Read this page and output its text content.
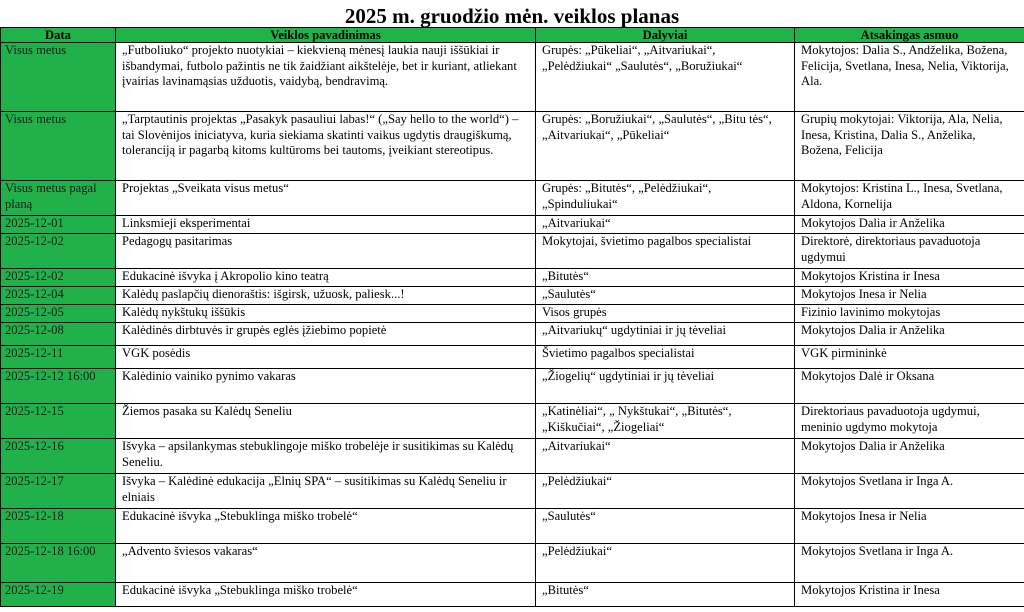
2025 m. gruodžio mėn. veiklos planas
Data	Veiklos pavadinimas	Dalyviai	Atsakingas asmuo
Visus metus	„Futboliuko“ projekto nuotykiai – kiekvieną mėnesį laukia nauji iššūkiai ir išbandymai, futbolo pažintis ne tik žaidžiant aikštelėje, bet ir kuriant, atliekant įvairias lavinamąsias užduotis, vaidybą, bendravimą.	Grupės: „Pūkeliai“, „Aitvariukai“, „Pelėdžiukai“ „Saulutės“, „Boružiukai“	Mokytojos: Dalia S., Andželika, Božena, Felicija, Svetlana, Inesa, Nelia, Viktorija, Ala.
Visus metus	„Tarptautinis projektas „Pasakyk pasauliui labas!“ („Say hello to the world“) – tai Slovėnijos iniciatyva, kuria siekiama skatinti vaikus ugdytis draugiškumą, toleranciją ir pagarbą kitoms kultūroms bei tautoms, įveikiant stereotipus.	Grupės: „Boružiukai“, „Saulutės“, „Bitu tės“, „Aitvariukai“, „Pūkeliai“	Grupių mokytojai: Viktorija, Ala, Nelia, Inesa, Kristina, Dalia S., Anželika, Božena, Felicija
Visus metus pagal planą	Projektas „Sveikata visus metus“	Grupės: „Bitutės“, „Pelėdžiukai“, „Spinduliukai“	Mokytojos: Kristina L., Inesa, Svetlana, Aldona, Kornelija
2025-12-01	Linksmieji eksperimentai	„Aitvariukai“	Mokytojos Dalia ir Anželika
2025-12-02	Pedagogų pasitarimas	Mokytojai, švietimo pagalbos specialistai	Direktorė, direktoriaus pavaduotoja ugdymui
2025-12-02	Edukacinė išvyka į Akropolio kino teatrą	„Bitutės“	Mokytojos Kristina ir Inesa
2025-12-04	Kalėdų paslapčių dienoraštis: išgirsk, užuosk, paliesk...!	„Saulutės“	Mokytojos Inesa ir Nelia
2025-12-05	Kalėdų nykštukų iššūkis	Visos grupės	Fizinio lavinimo mokytojas
2025-12-08	Kalėdinės dirbtuvės ir grupės eglės įžiebimo popietė	„Aitvariukų“ ugdytiniai ir jų tėveliai	Mokytojos Dalia ir Anželika
2025-12-11	VGK posėdis	Švietimo pagalbos specialistai	VGK pirmininkė
2025-12-12 16:00	Kalėdinio vainiko pynimo vakaras	„Žiogelių“ ugdytiniai ir jų tėveliai	Mokytojos Dalė ir Oksana
2025-12-15	Žiemos pasaka su Kalėdų Seneliu	„Katinėliai“, „ Nykštukai“, „Bitutės“, „Kiškučiai“, „Žiogeliai“	Direktoriaus pavaduotoja ugdymui, meninio ugdymo mokytoja
2025-12-16	Išvyka – apsilankymas stebuklingoje miško trobelėje ir susitikimas su Kalėdų Seneliu.	„Aitvariukai“	Mokytojos Dalia ir Anželika
2025-12-17	Išvyka – Kalėdinė edukacija „Elnių SPA“ – susitikimas su Kalėdų Seneliu ir elniais	„Pelėdžiukai“	Mokytojos Svetlana ir Inga A.
2025-12-18	Edukacinė išvyka „Stebuklinga miško trobelė“	„Saulutės“	Mokytojos Inesa ir Nelia
2025-12-18 16:00	„Advento šviesos vakaras“	„Pelėdžiukai“	Mokytojos Svetlana ir Inga A.
2025-12-19	Edukacinė išvyka „Stebuklinga miško trobelė“	„Bitutės“	Mokytojos Kristina ir Inesa
